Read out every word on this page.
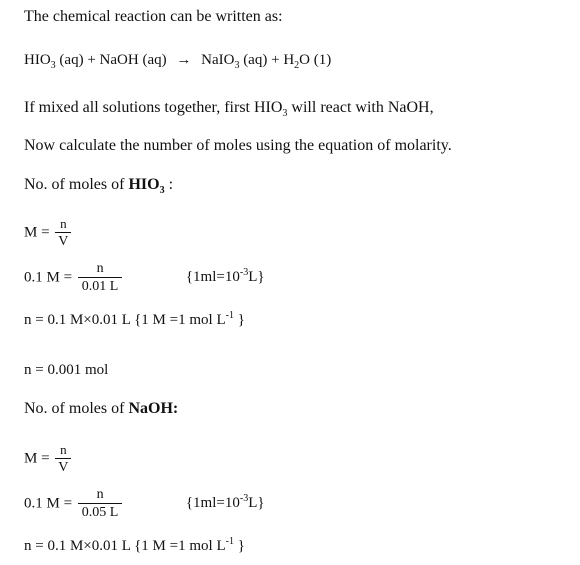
The chemical reaction can be written as:
$HIO_3$ (aq) + NaOH (aq) → NaIO$_3$ $(aq) + H_2O$ (1)
If mixed all solutions together, first $HIO_3$ will react with NaOH,
Now calculate the number of moles using the equation of molarity.
No. of moles of $HIO_3$ :
$M = \frac{n}{V}$
0.1 $M = \frac{n}{0.01 L}$	$\{1ml=10^{-3}L\}$
n = 0.1 M×0.01 L {1 M =1 mol $L^{-1}$ }
n = 0.001 mol
No. of moles of NaOH:
$M = \frac{n}{V}$
0.1 $M = \frac{n}{0.05 L}$	$\{1ml=10^{-3}L\}$
n = 0.1 M×0.01 L {1 M =1 mol $L^{-1}$ }
